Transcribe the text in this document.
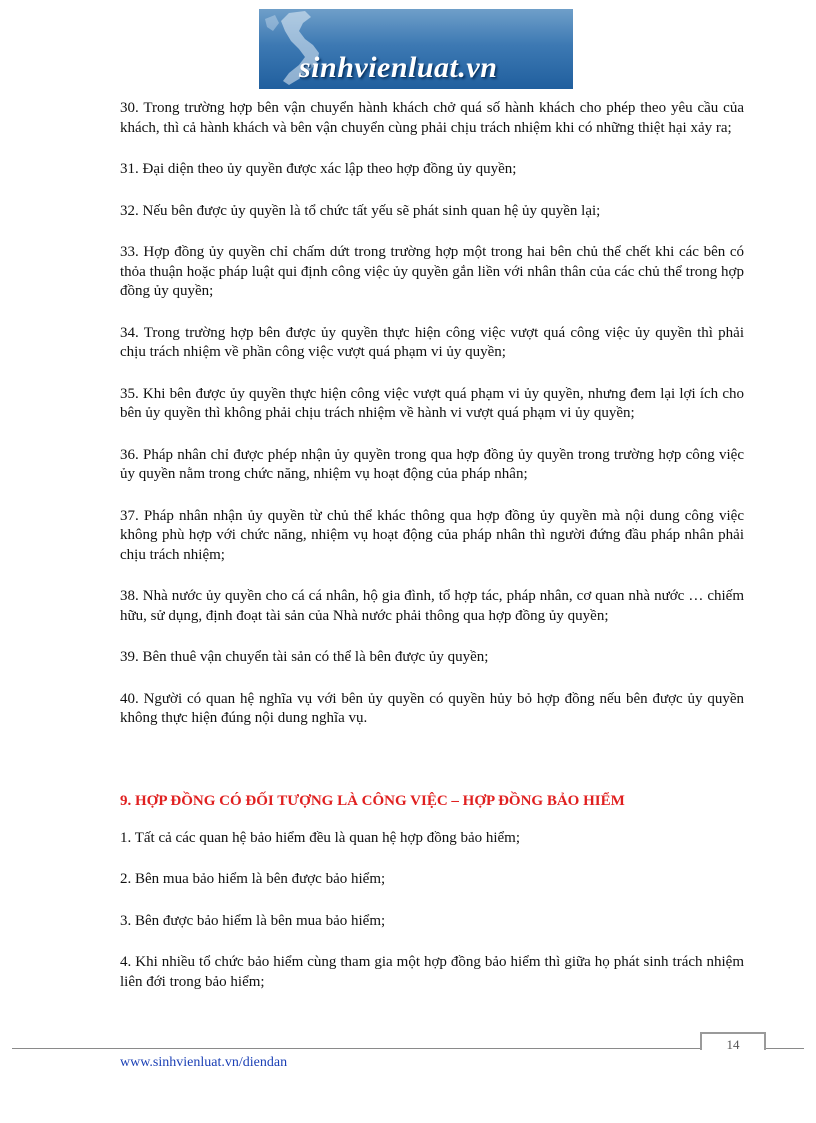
sinhvienluat.vn

30. Trong trường hợp bên vận chuyển hành khách chở quá số hành khách cho phép theo yêu cầu của khách, thì cả hành khách và bên vận chuyển cùng phải chịu trách nhiệm khi có những thiệt hại xảy ra;

31. Đại diện theo ủy quyền được xác lập theo hợp đồng ủy quyền;

32. Nếu bên được ủy quyền là tổ chức tất yếu sẽ phát sinh quan hệ ủy quyền lại;

33. Hợp đồng ủy quyền chỉ chấm dứt trong trường hợp một trong hai bên chủ thể chết khi các bên có thỏa thuận hoặc pháp luật qui định công việc ủy quyền gắn liền với nhân thân của các chủ thể trong hợp đồng ủy quyền;

34. Trong trường hợp bên được ủy quyền thực hiện công việc vượt quá công việc ủy quyền thì phải chịu trách nhiệm về phần công việc vượt quá phạm vi ủy quyền;

35. Khi bên được ủy quyền thực hiện công việc vượt quá phạm vi ủy quyền, nhưng đem lại lợi ích cho bên ủy quyền thì không phải chịu trách nhiệm về hành vi vượt quá phạm vi ủy quyền;

36. Pháp nhân chỉ được phép nhận ủy quyền trong qua hợp đồng ủy quyền trong trường hợp công việc ủy quyền nằm trong chức năng, nhiệm vụ hoạt động của pháp nhân;

37. Pháp nhân nhận ủy quyền từ chủ thể khác thông qua hợp đồng ủy quyền mà nội dung công việc không phù hợp với chức năng, nhiệm vụ hoạt động của pháp nhân thì người đứng đầu pháp nhân phải chịu trách nhiệm;

38. Nhà nước ủy quyền cho cá cá nhân, hộ gia đình, tổ hợp tác, pháp nhân, cơ quan nhà nước … chiếm hữu, sử dụng, định đoạt tài sản của Nhà nước phải thông qua hợp đồng ủy quyền;

39. Bên thuê vận chuyển tài sản có thể là bên được ủy quyền;

40. Người có quan hệ nghĩa vụ với bên ủy quyền có quyền hủy bỏ hợp đồng nếu bên được ủy quyền không thực hiện đúng nội dung nghĩa vụ.

9. HỢP ĐỒNG CÓ ĐỐI TƯỢNG LÀ CÔNG VIỆC – HỢP ĐỒNG BẢO HIỂM

1. Tất cả các quan hệ bảo hiểm đều là quan hệ hợp đồng bảo hiểm;

2. Bên mua bảo hiểm là bên được bảo hiểm;

3. Bên được bảo hiểm là bên mua bảo hiểm;

4. Khi nhiều tổ chức bảo hiểm cùng tham gia một hợp đồng bảo hiểm thì giữa họ phát sinh trách nhiệm liên đới trong bảo hiểm;

14
www.sinhvienluat.vn/diendan
